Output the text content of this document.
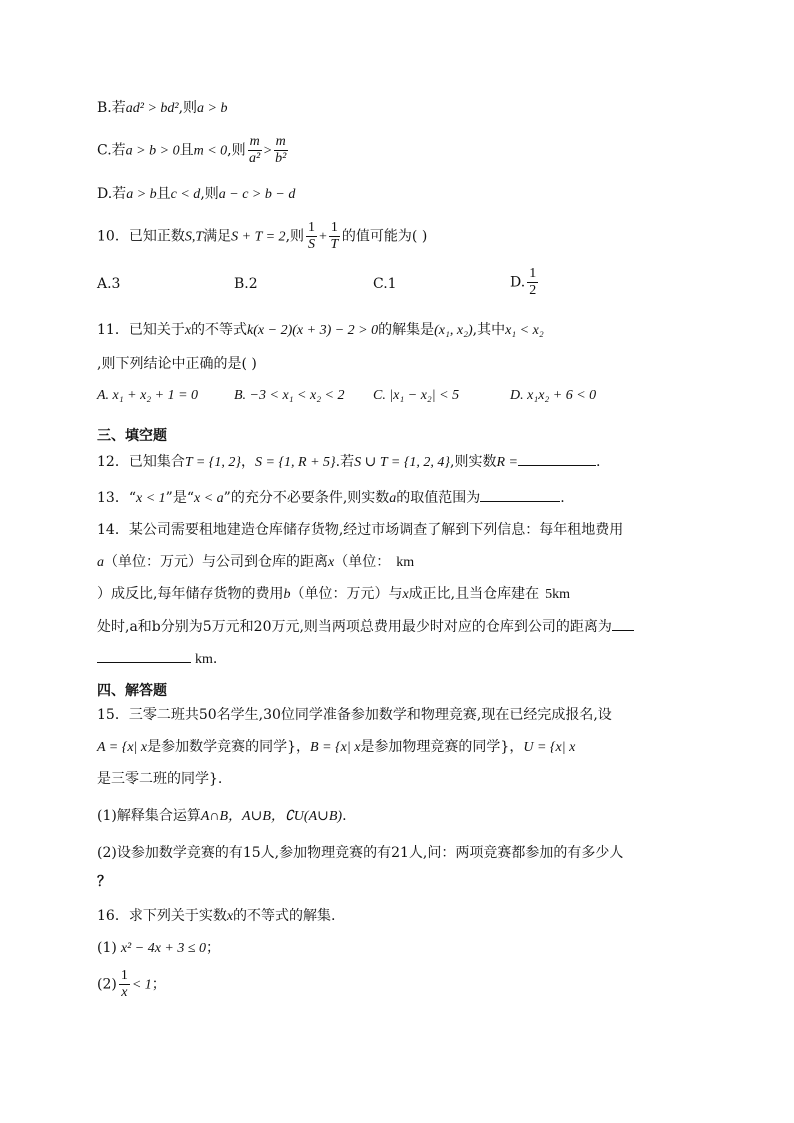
B.若ad² > bd²,则a > b
C.若a > b > 0且m < 0,则 $\frac{m}{\text{a²}} > \frac{m}{\text{b²}}$
D.若a > b且c < d,则a − c > b − d
10．已知正数S,T满足S + T = 2,则 $\frac{1}{S} + \frac{1}{T}$ 的值可能为( )
A.3	B.2	C.1	D. $\frac{1}{2}$
11．已知关于x的不等式k(x − 2)(x + 3) − 2 > 0的解集是(x₁, x₂),其中x₁ < x₂
,则下列结论中正确的是( )
A. x₁ + x₂ + 1 = 0	B. −3 < x₁ < x₂ < 2 C. |x₁ − x₂| < 5	D. x₁x₂ + 6 < 0
三、填空题
12．已知集合T = {1, 2}，S = {1, R + 5}.若S ∪ T = {1, 2, 4},则实数R =	.
13．“x < 1”是“x < a”的充分不必要条件,则实数a的取值范围为	.
14．某公司需要租地建造仓库储存货物,经过市场调查了解到下列信息：每年租地费用
a（单位：万元）与公司到仓库的距离x（单位： km
）成反比,每年储存货物的费用b（单位：万元）与x成正比,且当仓库建在 5km
处时,a和b分别为5万元和20万元,则当两项总费用最少时对应的仓库到公司的距离为
km.
四、解答题
15．三零二班共50名学生,30位同学准备参加数学和物理竞赛,现在已经完成报名,设
A = {x| x是参加数学竞赛的同学}，B = {x| x是参加物理竞赛的同学}，U = {x| x
是三零二班的同学}.
(1)解释集合运算A∩B，A∪B，∁U(A∪B).
(2)设参加数学竞赛的有15人,参加物理竞赛的有21人,问：两项竞赛都参加的有多少人
？
16．求下列关于实数x的不等式的解集.
(1) x² − 4x + 3 ≤ 0；
$(2) \frac{1}{x} < 1$；
